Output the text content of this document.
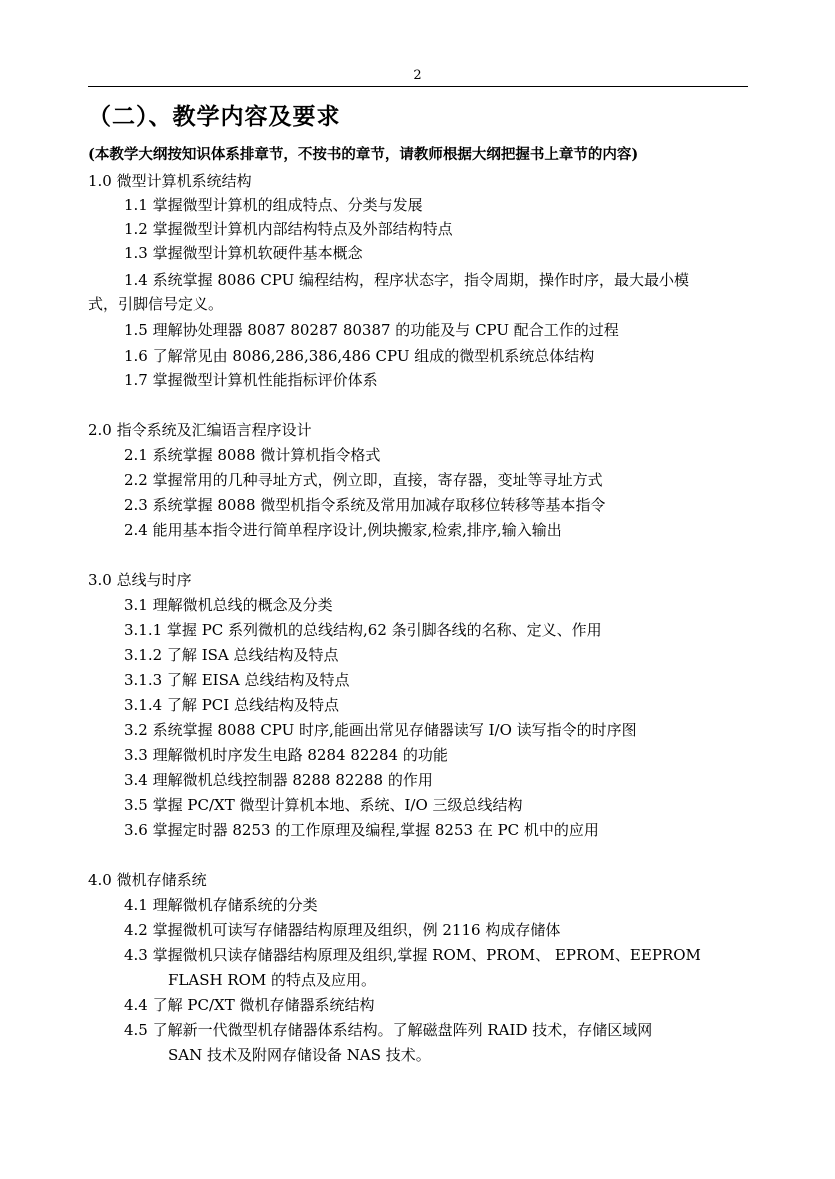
2
（二）、教学内容及要求
(本教学大纲按知识体系排章节，不按书的章节，请教师根据大纲把握书上章节的内容)
1.0 微型计算机系统结构
1.1 掌握微型计算机的组成特点、分类与发展
1.2 掌握微型计算机内部结构特点及外部结构特点
1.3 掌握微型计算机软硬件基本概念
1.4 系统掌握 8086 CPU 编程结构，程序状态字，指令周期，操作时序，最大最小模
式，引脚信号定义。
1.5 理解协处理器 8087 80287 80387 的功能及与 CPU 配合工作的过程
1.6 了解常见由 8086,286,386,486 CPU 组成的微型机系统总体结构
1.7 掌握微型计算机性能指标评价体系
2.0 指令系统及汇编语言程序设计
2.1 系统掌握 8088 微计算机指令格式
2.2 掌握常用的几种寻址方式，例立即，直接，寄存器，变址等寻址方式
2.3 系统掌握 8088 微型机指令系统及常用加减存取移位转移等基本指令
2.4 能用基本指令进行简单程序设计,例块搬家,检索,排序,输入输出
3.0 总线与时序
3.1 理解微机总线的概念及分类
3.1.1 掌握 PC 系列微机的总线结构,62 条引脚各线的名称、定义、作用
3.1.2 了解 ISA 总线结构及特点
3.1.3 了解 EISA 总线结构及特点
3.1.4 了解 PCI 总线结构及特点
3.2 系统掌握 8088 CPU 时序,能画出常见存储器读写 I/O 读写指令的时序图
3.3 理解微机时序发生电路 8284 82284 的功能
3.4 理解微机总线控制器 8288 82288 的作用
3.5 掌握 PC/XT 微型计算机本地、系统、I/O 三级总线结构
3.6 掌握定时器 8253 的工作原理及编程,掌握 8253 在 PC 机中的应用
4.0 微机存储系统
4.1 理解微机存储系统的分类
4.2 掌握微机可读写存储器结构原理及组织，例 2116 构成存储体
4.3 掌握微机只读存储器结构原理及组织,掌握 ROM、PROM、 EPROM、EEPROM
FLASH ROM 的特点及应用。
4.4 了解 PC/XT 微机存储器系统结构
4.5 了解新一代微型机存储器体系结构。了解磁盘阵列 RAID 技术，存储区域网
SAN 技术及附网存储设备 NAS 技术。
